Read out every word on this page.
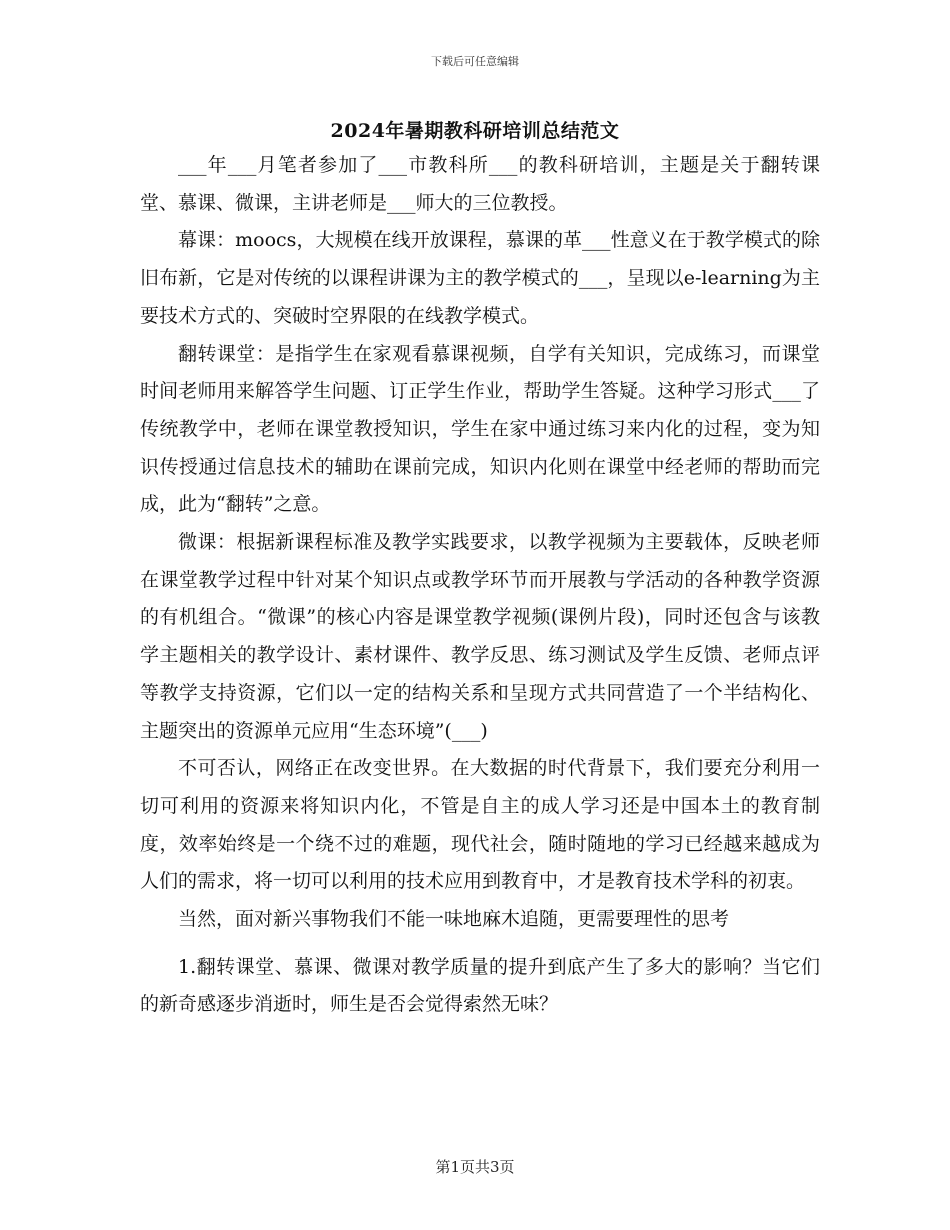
下载后可任意编辑
2024年暑期教科研培训总结范文

___年___月笔者参加了___市教科所___的教科研培训，主题是关于翻转课堂、慕课、微课，主讲老师是___师大的三位教授。

幕课：moocs，大规模在线开放课程，慕课的革___性意义在于教学模式的除旧布新，它是对传统的以课程讲课为主的教学模式的___，呈现以e-learning为主要技术方式的、突破时空界限的在线教学模式。

翻转课堂：是指学生在家观看慕课视频，自学有关知识，完成练习，而课堂时间老师用来解答学生问题、订正学生作业，帮助学生答疑。这种学习形式___了传统教学中，老师在课堂教授知识，学生在家中通过练习来内化的过程，变为知识传授通过信息技术的辅助在课前完成，知识内化则在课堂中经老师的帮助而完成，此为“翻转”之意。

微课：根据新课程标准及教学实践要求，以教学视频为主要载体，反映老师在课堂教学过程中针对某个知识点或教学环节而开展教与学活动的各种教学资源的有机组合。“微课”的核心内容是课堂教学视频(课例片段)，同时还包含与该教学主题相关的教学设计、素材课件、教学反思、练习测试及学生反馈、老师点评等教学支持资源，它们以一定的结构关系和呈现方式共同营造了一个半结构化、主题突出的资源单元应用“生态环境”(___)

不可否认，网络正在改变世界。在大数据的时代背景下，我们要充分利用一切可利用的资源来将知识内化，不管是自主的成人学习还是中国本土的教育制度，效率始终是一个绕不过的难题，现代社会，随时随地的学习已经越来越成为人们的需求，将一切可以利用的技术应用到教育中，才是教育技术学科的初衷。

当然，面对新兴事物我们不能一味地麻木追随，更需要理性的思考

1.翻转课堂、慕课、微课对教学质量的提升到底产生了多大的影响？当它们的新奇感逐步消逝时，师生是否会觉得索然无味？

第1页共3页
